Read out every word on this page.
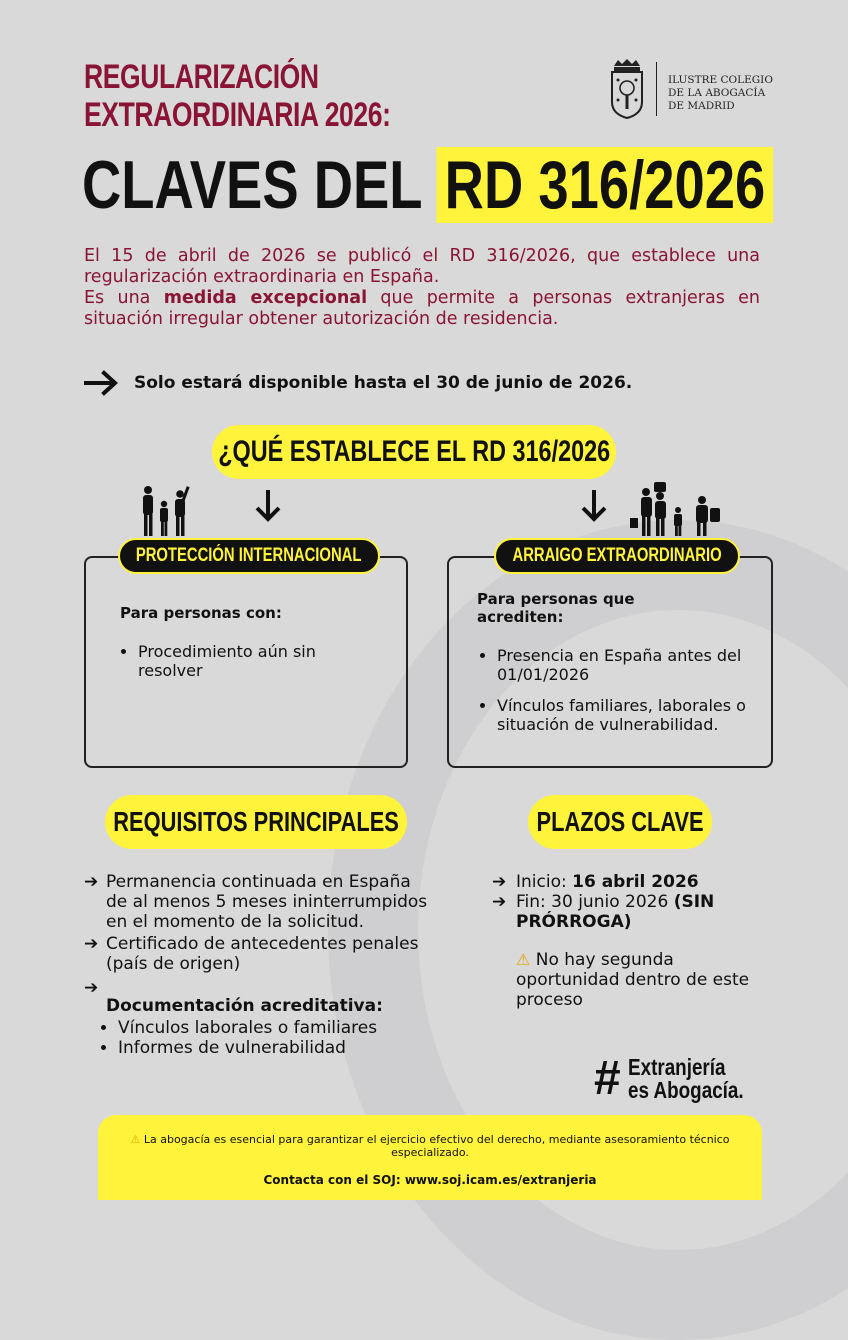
REGULARIZACIÓN
EXTRAORDINARIA 2026:
CLAVES DEL RD 316/2026
ILUSTRE COLEGIO
DE LA ABOGACÍA
DE MADRID

El 15 de abril de 2026 se publicó el RD 316/2026, que establece una regularización extraordinaria en España.

Es una medida excepcional que permite a personas extranjeras en situación irregular obtener autorización de residencia.

Solo estará disponible hasta el 30 de junio de 2026.
¿QUÉ ESTABLECE EL RD 316/2026
Para personas con:
• Procedimiento aún sin resolver
PROTECCIÓN INTERNACIONAL
Para personas que acrediten:
• Presencia en España antes del 01/01/2026
• Vínculos familiares, laborales o situación de vulnerabilidad.
ARRAIGO EXTRAORDINARIO
REQUISITOS PRINCIPALES
➔ Permanencia continuada en España de al menos 5 meses ininterrumpidos en el momento de la solicitud.
➔ Certificado de antecedentes penales (país de origen)
➔
Documentación acreditativa:
• Vínculos laborales o familiares
• Informes de vulnerabilidad
PLAZOS CLAVE
➔ Inicio: 16 abril 2026
➔ Fin: 30 junio 2026 (SIN PRÓRROGA)
⚠ No hay segunda oportunidad dentro de este proceso
# Extranjería
es Abogacía.
⚠ La abogacía es esencial para garantizar el ejercicio efectivo del derecho, mediante asesoramiento técnico especializado.
Contacta con el SOJ: www.soj.icam.es/extranjeria
